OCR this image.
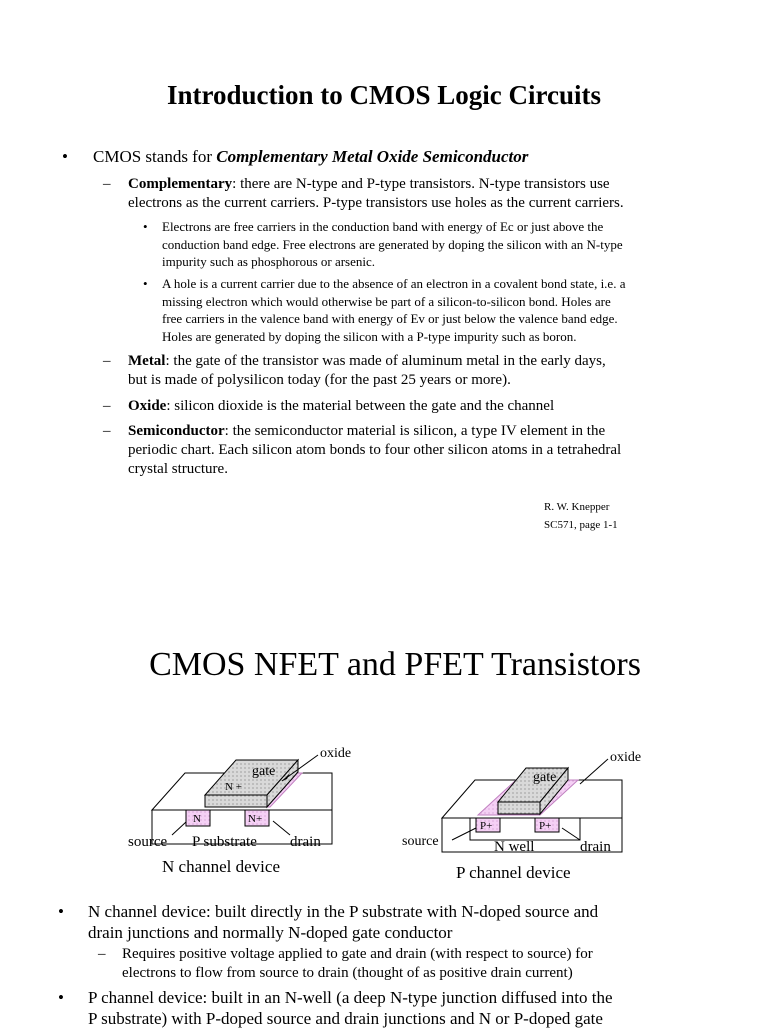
Introduction to CMOS Logic Circuits
• CMOS stands for Complementary Metal Oxide Semiconductor
– Complementary: there are N-type and P-type transistors. N-type transistors use
electrons as the current carriers. P-type transistors use holes as the current carriers.
• Electrons are free carriers in the conduction band with energy of Ec or just above the
conduction band edge. Free electrons are generated by doping the silicon with an N-type
impurity such as phosphorous or arsenic.
• A hole is a current carrier due to the absence of an electron in a covalent bond state, i.e. a
missing electron which would otherwise be part of a silicon-to-silicon bond. Holes are
free carriers in the valence band with energy of Ev or just below the valence band edge.
Holes are generated by doping the silicon with a P-type impurity such as boron.
– Metal: the gate of the transistor was made of aluminum metal in the early days,
but is made of polysilicon today (for the past 25 years or more).
– Oxide: silicon dioxide is the material between the gate and the channel
– Semiconductor: the semiconductor material is silicon, a type IV element in the
periodic chart. Each silicon atom bonds to four other silicon atoms in a tetrahedral
crystal structure.
R. W. Knepper
SC571, page 1-1
CMOS NFET and PFET Transistors
N	N+
N +
gate
oxide
source P substrate drain
N channel device
P+	P+
gate
oxide
source	N well	drain
P channel device
• N channel device: built directly in the P substrate with N-doped source and
drain junctions and normally N-doped gate conductor
– Requires positive voltage applied to gate and drain (with respect to source) for
electrons to flow from source to drain (thought of as positive drain current)
• P channel device: built in an N-well (a deep N-type junction diffused into the
P substrate) with P-doped source and drain junctions and N or P-doped gate
